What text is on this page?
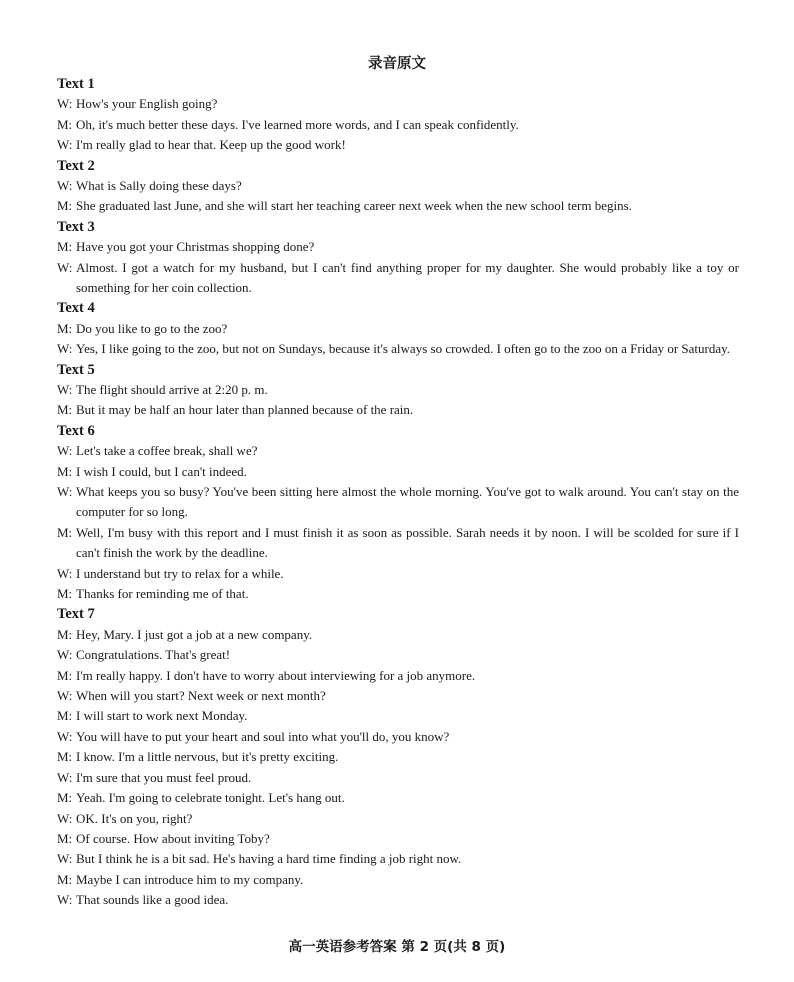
录音原文
Text 1
W: How's your English going?
M: Oh, it's much better these days. I've learned more words, and I can speak confidently.
W: I'm really glad to hear that. Keep up the good work!
Text 2
W: What is Sally doing these days?
M: She graduated last June, and she will start her teaching career next week when the new school term begins.
Text 3
M: Have you got your Christmas shopping done?
W: Almost. I got a watch for my husband, but I can't find anything proper for my daughter. She would probably like a toy or something for her coin collection.
Text 4
M: Do you like to go to the zoo?
W: Yes, I like going to the zoo, but not on Sundays, because it's always so crowded. I often go to the zoo on a Friday or Saturday.
Text 5
W: The flight should arrive at 2:20 p. m.
M: But it may be half an hour later than planned because of the rain.
Text 6
W: Let's take a coffee break, shall we?
M: I wish I could, but I can't indeed.
W: What keeps you so busy? You've been sitting here almost the whole morning. You've got to walk around. You can't stay on the computer for so long.
M: Well, I'm busy with this report and I must finish it as soon as possible. Sarah needs it by noon. I will be scolded for sure if I can't finish the work by the deadline.
W: I understand but try to relax for a while.
M: Thanks for reminding me of that.
Text 7
M: Hey, Mary. I just got a job at a new company.
W: Congratulations. That's great!
M: I'm really happy. I don't have to worry about interviewing for a job anymore.
W: When will you start? Next week or next month?
M: I will start to work next Monday.
W: You will have to put your heart and soul into what you'll do, you know?
M: I know. I'm a little nervous, but it's pretty exciting.
W: I'm sure that you must feel proud.
M: Yeah. I'm going to celebrate tonight. Let's hang out.
W: OK. It's on you, right?
M: Of course. How about inviting Toby?
W: But I think he is a bit sad. He's having a hard time finding a job right now.
M: Maybe I can introduce him to my company.
W: That sounds like a good idea.
高一英语参考答案 第 2 页(共 8 页)
